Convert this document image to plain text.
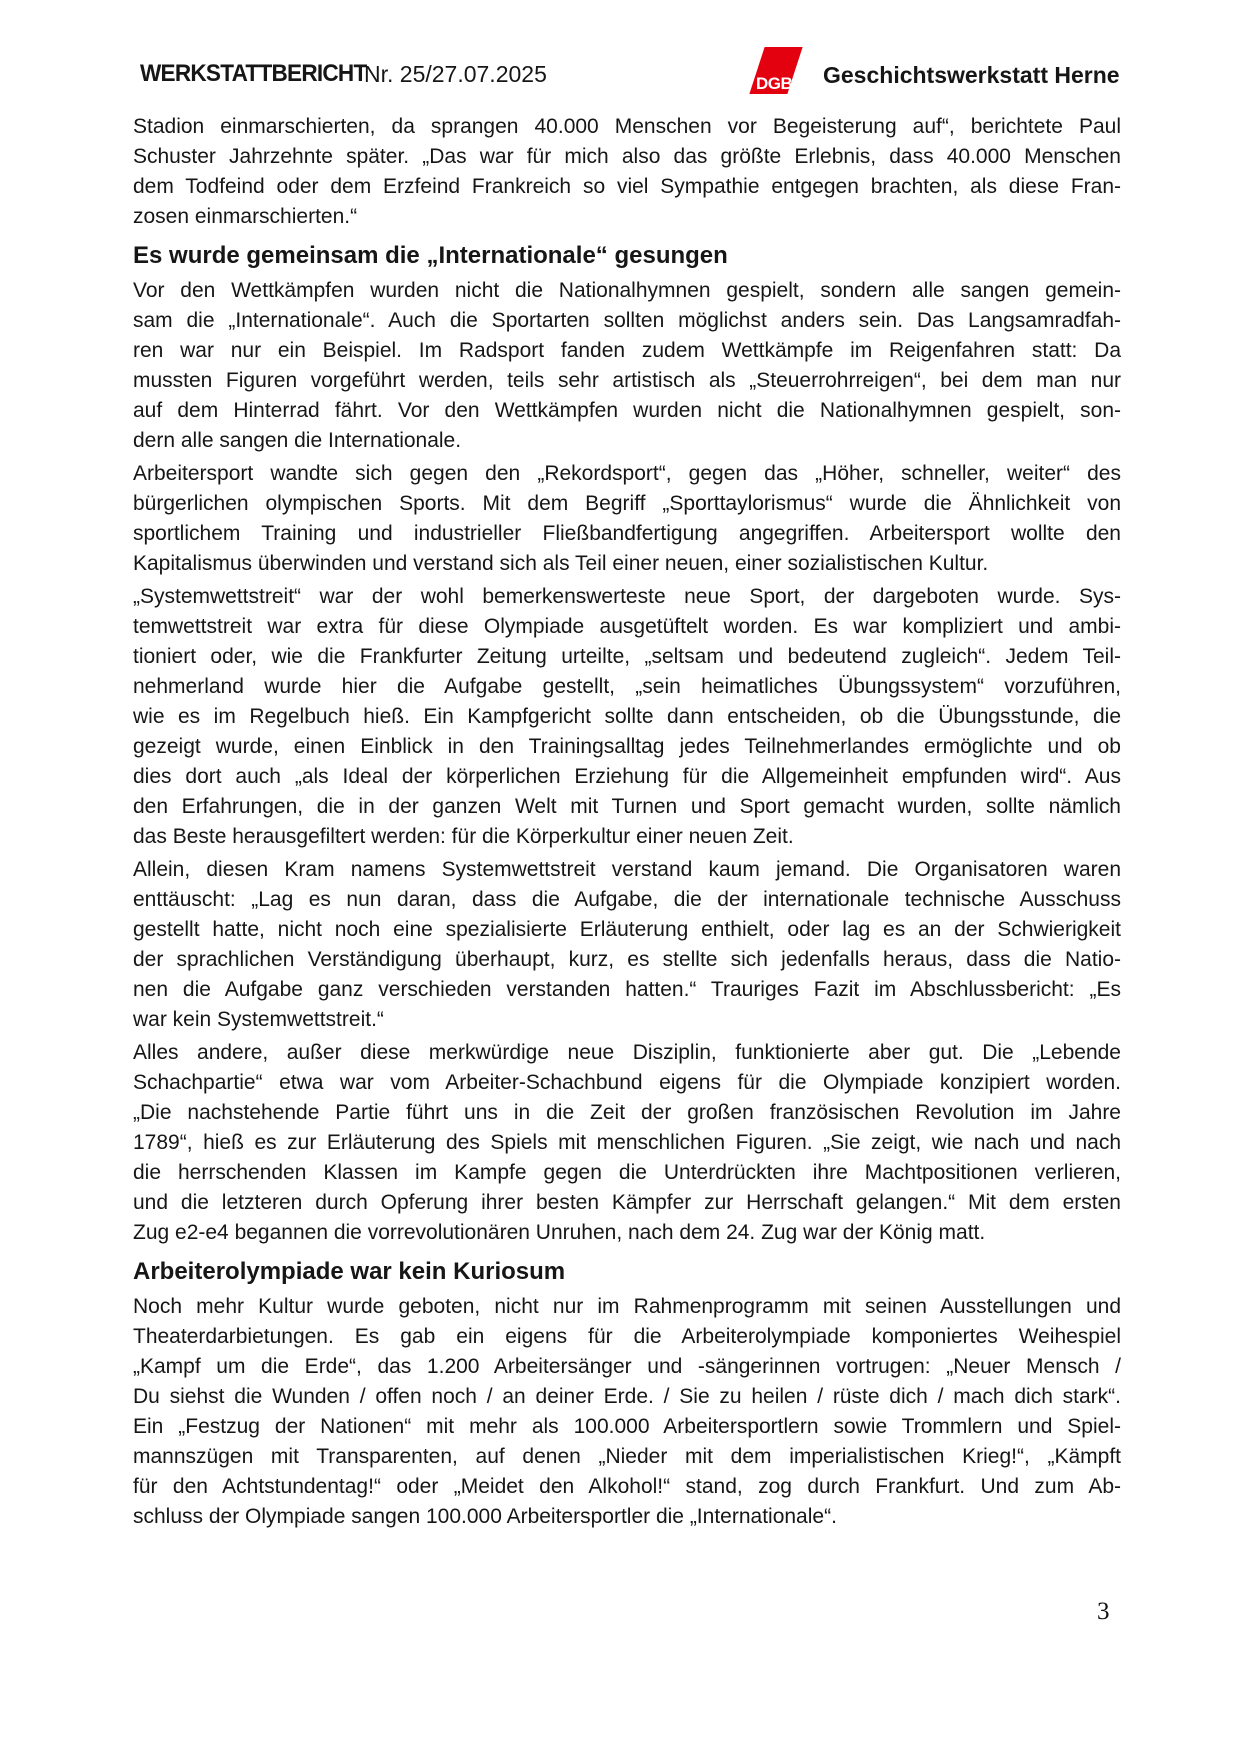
WERKSTATTBERICHT
Nr. 25/27.07.2025	DGB Geschichtswerkstatt Herne
Stadion einmarschierten, da sprangen 40.000 Menschen vor Begeisterung auf“, berichtete Paul
Schuster Jahrzehnte später. „Das war für mich also das größte Erlebnis, dass 40.000 Menschen
dem Todfeind oder dem Erzfeind Frankreich so viel Sympathie entgegen brachten, als diese Fran-
zosen einmarschierten.“
Es wurde gemeinsam die „Internationale“ gesungen
Vor den Wettkämpfen wurden nicht die Nationalhymnen gespielt, sondern alle sangen gemein-
sam die „Internationale“. Auch die Sportarten sollten möglichst anders sein. Das Langsamradfah-
ren war nur ein Beispiel. Im Radsport fanden zudem Wettkämpfe im Reigenfahren statt: Da
mussten Figuren vorgeführt werden, teils sehr artistisch als „Steuerrohrreigen“, bei dem man nur
auf dem Hinterrad fährt. Vor den Wettkämpfen wurden nicht die Nationalhymnen gespielt, son-
dern alle sangen die Internationale.
Arbeitersport wandte sich gegen den „Rekordsport“, gegen das „Höher, schneller, weiter“ des
bürgerlichen olympischen Sports. Mit dem Begriff „Sporttaylorismus“ wurde die Ähnlichkeit von
sportlichem Training und industrieller Fließbandfertigung angegriffen. Arbeitersport wollte den
Kapitalismus überwinden und verstand sich als Teil einer neuen, einer sozialistischen Kultur.
„Systemwettstreit“ war der wohl bemerkenswerteste neue Sport, der dargeboten wurde. Sys-
temwettstreit war extra für diese Olympiade ausgetüftelt worden. Es war kompliziert und ambi-
tioniert oder, wie die Frankfurter Zeitung urteilte, „seltsam und bedeutend zugleich“. Jedem Teil-
nehmerland wurde hier die Aufgabe gestellt, „sein heimatliches Übungssystem“ vorzuführen,
wie es im Regelbuch hieß. Ein Kampfgericht sollte dann entscheiden, ob die Übungsstunde, die
gezeigt wurde, einen Einblick in den Trainingsalltag jedes Teilnehmerlandes ermöglichte und ob
dies dort auch „als Ideal der körperlichen Erziehung für die Allgemeinheit empfunden wird“. Aus
den Erfahrungen, die in der ganzen Welt mit Turnen und Sport gemacht wurden, sollte nämlich
das Beste herausgefiltert werden: für die Körperkultur einer neuen Zeit.
Allein, diesen Kram namens Systemwettstreit verstand kaum jemand. Die Organisatoren waren
enttäuscht: „Lag es nun daran, dass die Aufgabe, die der internationale technische Ausschuss
gestellt hatte, nicht noch eine spezialisierte Erläuterung enthielt, oder lag es an der Schwierigkeit
der sprachlichen Verständigung überhaupt, kurz, es stellte sich jedenfalls heraus, dass die Natio-
nen die Aufgabe ganz verschieden verstanden hatten.“ Trauriges Fazit im Abschlussbericht: „Es
war kein Systemwettstreit.“
Alles andere, außer diese merkwürdige neue Disziplin, funktionierte aber gut. Die „Lebende
Schachpartie“ etwa war vom Arbeiter-Schachbund eigens für die Olympiade konzipiert worden.
„Die nachstehende Partie führt uns in die Zeit der großen französischen Revolution im Jahre
1789“, hieß es zur Erläuterung des Spiels mit menschlichen Figuren. „Sie zeigt, wie nach und nach
die herrschenden Klassen im Kampfe gegen die Unterdrückten ihre Machtpositionen verlieren,
und die letzteren durch Opferung ihrer besten Kämpfer zur Herrschaft gelangen.“ Mit dem ersten
Zug e2-e4 begannen die vorrevolutionären Unruhen, nach dem 24. Zug war der König matt.
Arbeiterolympiade war kein Kuriosum
Noch mehr Kultur wurde geboten, nicht nur im Rahmenprogramm mit seinen Ausstellungen und
Theaterdarbietungen. Es gab ein eigens für die Arbeiterolympiade komponiertes Weihespiel
„Kampf um die Erde“, das 1.200 Arbeitersänger und -sängerinnen vortrugen: „Neuer Mensch /
Du siehst die Wunden / offen noch / an deiner Erde. / Sie zu heilen / rüste dich / mach dich stark“.
Ein „Festzug der Nationen“ mit mehr als 100.000 Arbeitersportlern sowie Trommlern und Spiel-
mannszügen mit Transparenten, auf denen „Nieder mit dem imperialistischen Krieg!“, „Kämpft
für den Achtstundentag!“ oder „Meidet den Alkohol!“ stand, zog durch Frankfurt. Und zum Ab-
schluss der Olympiade sangen 100.000 Arbeitersportler die „Internationale“.
3
